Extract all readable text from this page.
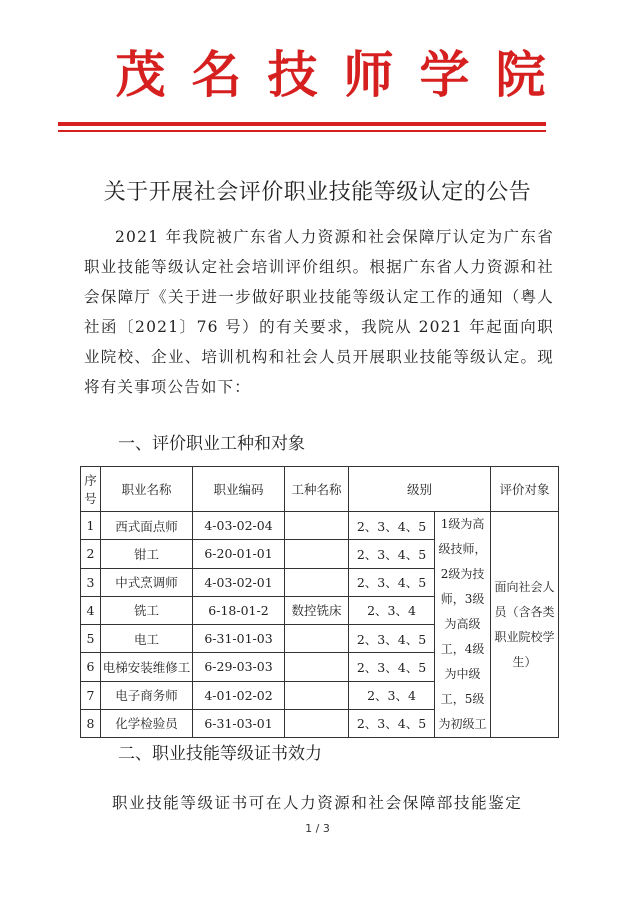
茂名技师学院
关于开展社会评价职业技能等级认定的公告
2021 年我院被广东省人力资源和社会保障厅认定为广东省职业技能等级认定社会培训评价组织。根据广东省人力资源和社会保障厅《关于进一步做好职业技能等级认定工作的通知（粤人社函〔2021〕76 号）的有关要求，我院从 2021 年起面向职业院校、企业、培训机构和社会人员开展职业技能等级认定。现将有关事项公告如下：
一、评价职业工种和对象
序号	职业名称	职业编码	工种名称	级别		评价对象
1	西式面点师	4-03-02-04		2、3、4、5	1级为高级技师，2级为技师，3级为高级工，4级为中级工，5级为初级工	面向社会人员（含各类职业院校学生）
2	钳工	6-20-01-01		2、3、4、5		
3	中式烹调师	4-03-02-01		2、3、4、5		
4	铣工	6-18-01-2	数控铣床	2、3、4		
5	电工	6-31-01-03		2、3、4、5		
6	电梯安装维修工	6-29-03-03		2、3、4、5		
7	电子商务师	4-01-02-02		2、3、4		
8	化学检验员	6-31-03-01		2、3、4、5		
二、职业技能等级证书效力
职业技能等级证书可在人力资源和社会保障部技能鉴定
1 / 3
